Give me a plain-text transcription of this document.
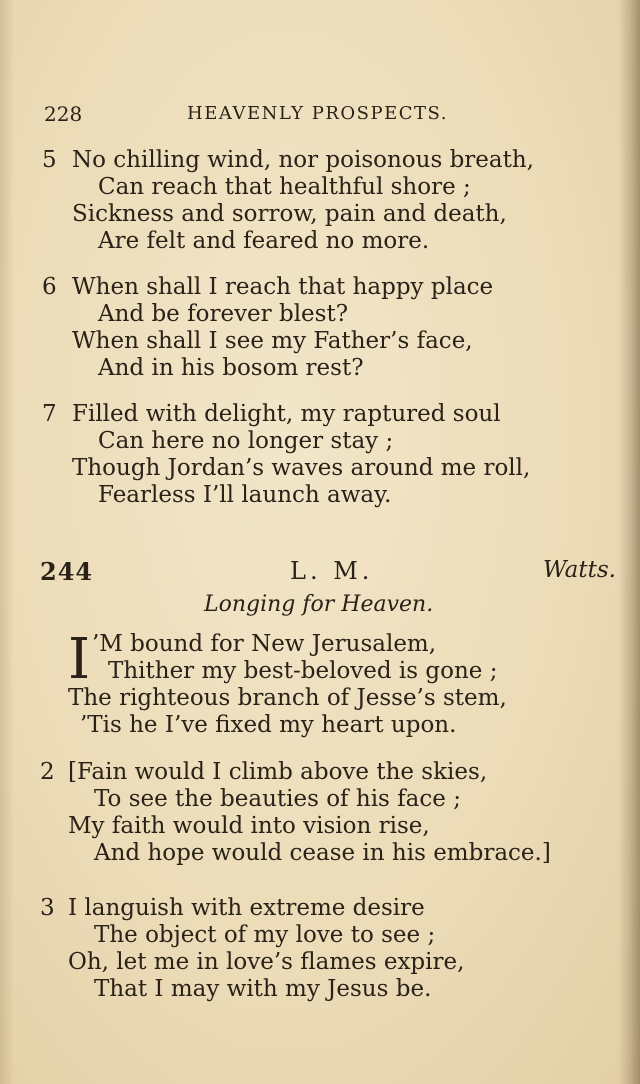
228	HEAVENLY PROSPECTS.
5 No chilling wind, nor poisonous breath,
Can reach that healthful shore ;
Sickness and sorrow, pain and death,
Are felt and feared no more.
6 When shall I reach that happy place
And be forever blest?
When shall I see my Father’s face,
And in his bosom rest?
7 Filled with delight, my raptured soul
Can here no longer stay ;
Though Jordan’s waves around me roll,
Fearless I’ll launch away.
244	L. M.	Watts.
Longing for Heaven.
I ’M bound for New Jerusalem,
Thither my best-beloved is gone ;
The righteous branch of Jesse’s stem,
’Tis he I’ve fixed my heart upon.
2 [Fain would I climb above the skies,
To see the beauties of his face ;
My faith would into vision rise,
And hope would cease in his embrace.]
3 I languish with extreme desire
The object of my love to see ;
Oh, let me in love’s flames expire,
That I may with my Jesus be.
